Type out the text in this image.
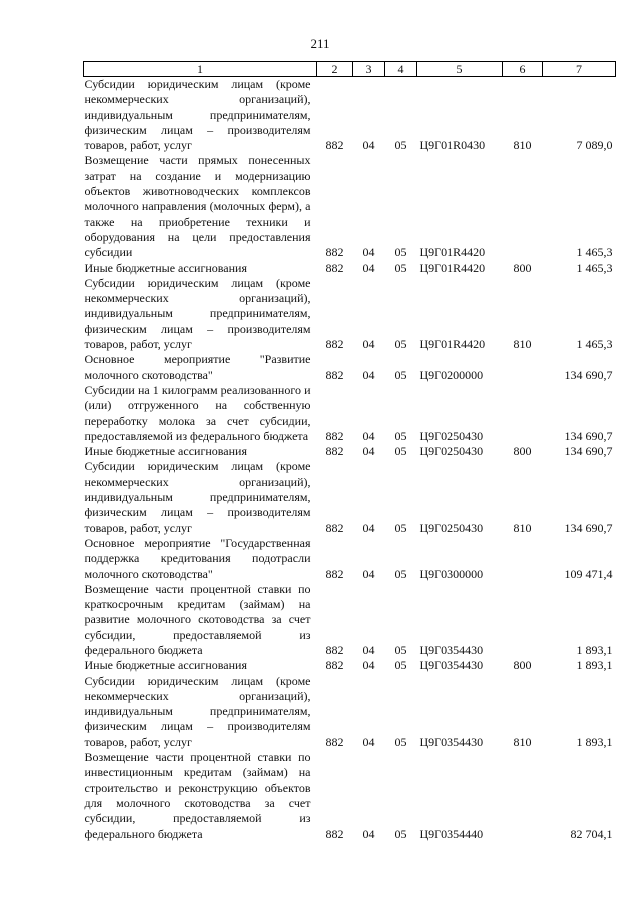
211
1	2	3	4	5	6	7
Субсидии юридическим лицам (кроме некоммерческих организаций), индивидуальным предпринимателям, физическим лицам – производителям товаров, работ, услуг	882	04	05	Ц9Г01R0430	810	7 089,0
Возмещение части прямых понесенных затрат на создание и модернизацию объектов животноводческих комплексов молочного направления (молочных ферм), а также на приобретение техники и оборудования на цели предоставления субсидии	882	04	05	Ц9Г01R4420		1 465,3
Иные бюджетные ассигнования	882	04	05	Ц9Г01R4420	800	1 465,3
Субсидии юридическим лицам (кроме некоммерческих организаций), индивидуальным предпринимателям, физическим лицам – производителям товаров, работ, услуг	882	04	05	Ц9Г01R4420	810	1 465,3
Основное мероприятие "Развитие молочного скотоводства"	882	04	05	Ц9Г0200000		134 690,7
Субсидии на 1 килограмм реализованного и (или) отгруженного на собственную переработку молока за счет субсидии, предоставляемой из федерального бюджета	882	04	05	Ц9Г0250430		134 690,7
Иные бюджетные ассигнования	882	04	05	Ц9Г0250430	800	134 690,7
Субсидии юридическим лицам (кроме некоммерческих организаций), индивидуальным предпринимателям, физическим лицам – производителям товаров, работ, услуг	882	04	05	Ц9Г0250430	810	134 690,7
Основное мероприятие "Государственная поддержка кредитования подотрасли молочного скотоводства"	882	04	05	Ц9Г0300000		109 471,4
Возмещение части процентной ставки по краткосрочным кредитам (займам) на развитие молочного скотоводства за счет субсидии, предоставляемой из федерального бюджета	882	04	05	Ц9Г0354430		1 893,1
Иные бюджетные ассигнования	882	04	05	Ц9Г0354430	800	1 893,1
Субсидии юридическим лицам (кроме некоммерческих организаций), индивидуальным предпринимателям, физическим лицам – производителям товаров, работ, услуг	882	04	05	Ц9Г0354430	810	1 893,1
Возмещение части процентной ставки по инвестиционным кредитам (займам) на строительство и реконструкцию объектов для молочного скотоводства за счет субсидии, предоставляемой из федерального бюджета	882	04	05	Ц9Г0354440		82 704,1
